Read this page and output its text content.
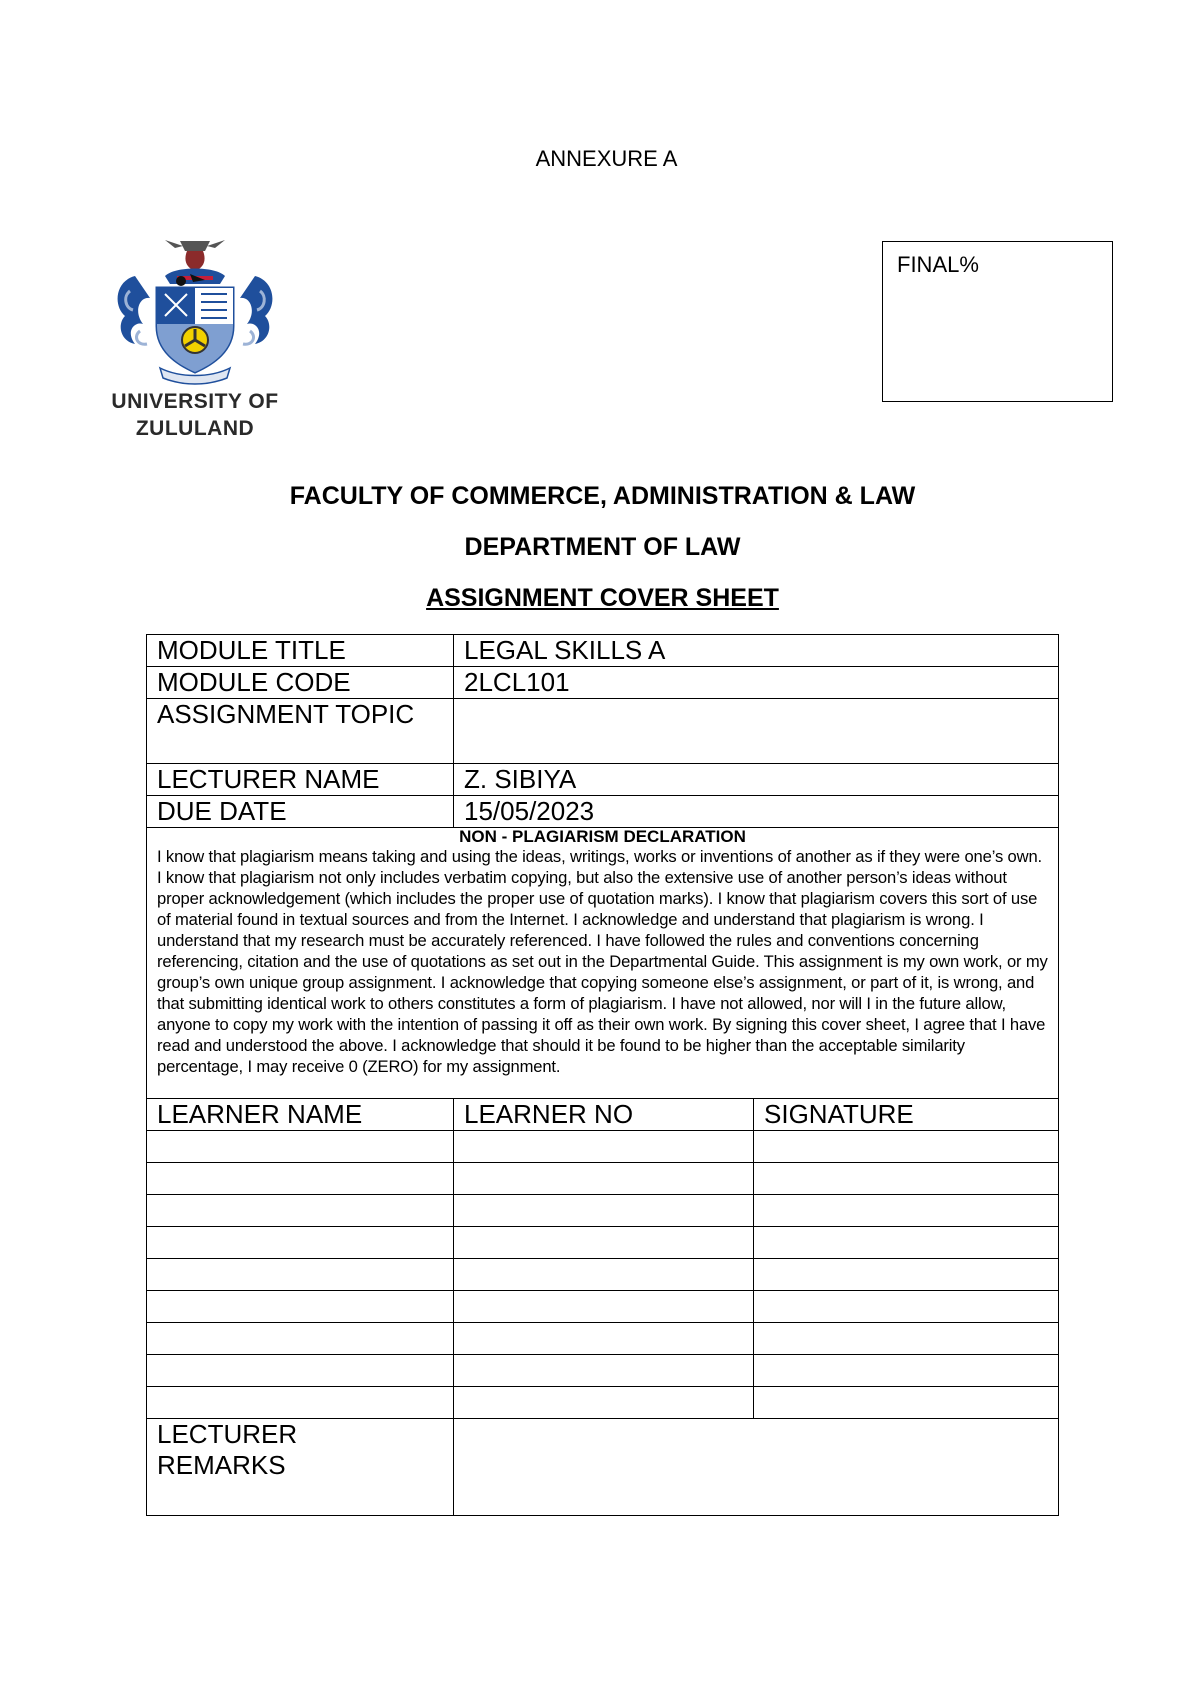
ANNEXURE A
UNIVERSITY OF
ZULULAND
FINAL%
FACULTY OF COMMERCE, ADMINISTRATION & LAW
DEPARTMENT OF LAW
ASSIGNMENT COVER SHEET
MODULE TITLE	LEGAL SKILLS A	
MODULE CODE	2LCL101	
ASSIGNMENT TOPIC		
LECTURER NAME	Z. SIBIYA	
DUE DATE	15/05/2023	

NON - PLAGIARISM DECLARATION
I know that plagiarism means taking and using the ideas, writings, works or inventions of another as if they were one’s own. I know that plagiarism not only includes verbatim copying, but also the extensive use of another person’s ideas without proper acknowledgement (which includes the proper use of quotation marks). I know that plagiarism covers this sort of use of material found in textual sources and from the Internet. I acknowledge and understand that plagiarism is wrong. I understand that my research must be accurately referenced. I have followed the rules and conventions concerning referencing, citation and the use of quotations as set out in the Departmental Guide. This assignment is my own work, or my group’s own unique group assignment. I acknowledge that copying someone else’s assignment, or part of it, is wrong, and that submitting identical work to others constitutes a form of plagiarism. I have not allowed, nor will I in the future allow, anyone to copy my work with the intention of passing it off as their own work. By signing this cover sheet, I agree that I have read and understood the above. I acknowledge that should it be found to be higher than the acceptable similarity percentage, I may receive 0 (ZERO) for my assignment.		

LEARNER NAME	LEARNER NO	SIGNATURE

LECTURER
REMARKS		
